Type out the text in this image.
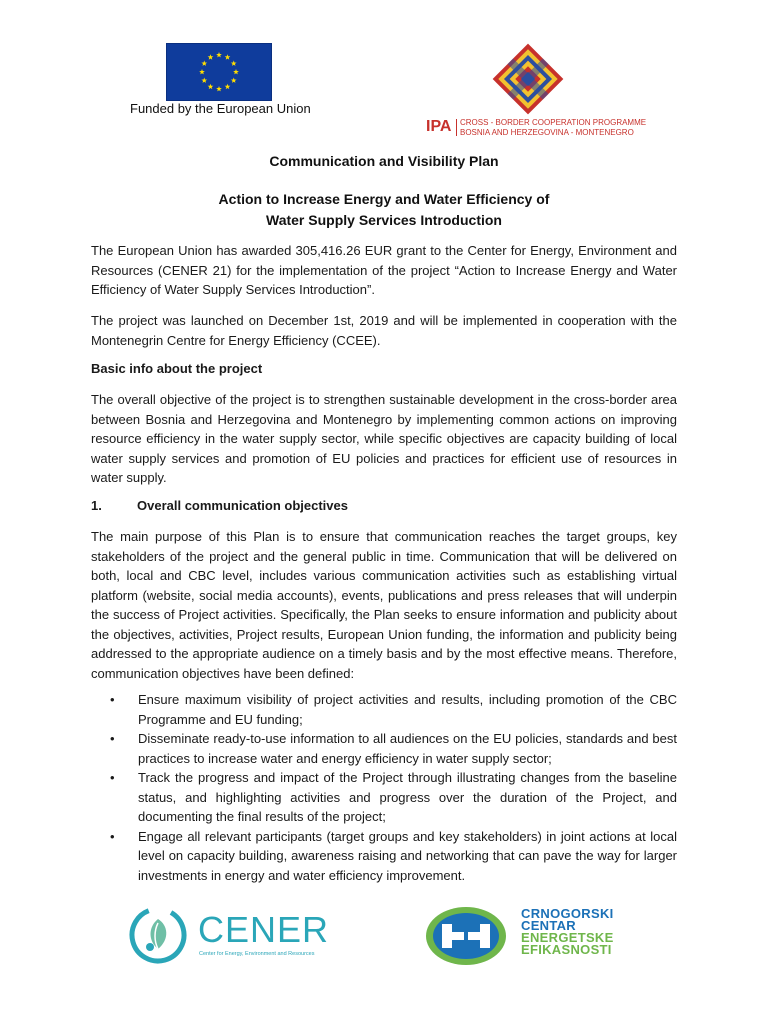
Funded by the European Union
IPA CROSS - BORDER COOPERATION PROGRAMME
BOSNIA AND HERZEGOVINA - MONTENEGRO
Communication and Visibility Plan
Action to Increase Energy and Water Efficiency of
Water Supply Services Introduction
The European Union has awarded 305,416.26 EUR grant to the Center for Energy, Environment and Resources (CENER 21) for the implementation of the project “Action to Increase Energy and Water Efficiency of Water Supply Services Introduction”.
The project was launched on December 1st, 2019 and will be implemented in cooperation with the Montenegrin Centre for Energy Efficiency (CCEE).
Basic info about the project
The overall objective of the project is to strengthen sustainable development in the cross-border area between Bosnia and Herzegovina and Montenegro by implementing common actions on improving resource efficiency in the water supply sector, while specific objectives are capacity building of local water supply services and promotion of EU policies and practices for efficient use of resources in water supply.
1.	Overall communication objectives
The main purpose of this Plan is to ensure that communication reaches the target groups, key stakeholders of the project and the general public in time. Communication that will be delivered on both, local and CBC level, includes various communication activities such as establishing virtual platform (website, social media accounts), events, publications and press releases that will underpin the success of Project activities. Specifically, the Plan seeks to ensure information and publicity about the objectives, activities, Project results, European Union funding, the information and publicity being addressed to the appropriate audience on a timely basis and by the most effective means. Therefore, communication objectives have been defined:
• Ensure maximum visibility of project activities and results, including promotion of the CBC Programme and EU funding;
• Disseminate ready-to-use information to all audiences on the EU policies, standards and best practices to increase water and energy efficiency in water supply sector;
• Track the progress and impact of the Project through illustrating changes from the baseline status, and highlighting activities and progress over the duration of the Project, and documenting the final results of the project;
• Engage all relevant participants (target groups and key stakeholders) in joint actions at local level on capacity building, awareness raising and networking that can pave the way for larger investments in energy and water efficiency improvement.
CENER
Center for Energy, Environment and Resources
CRNOGORSKI
CENTAR
ENERGETSKE
EFIKASNOSTI
